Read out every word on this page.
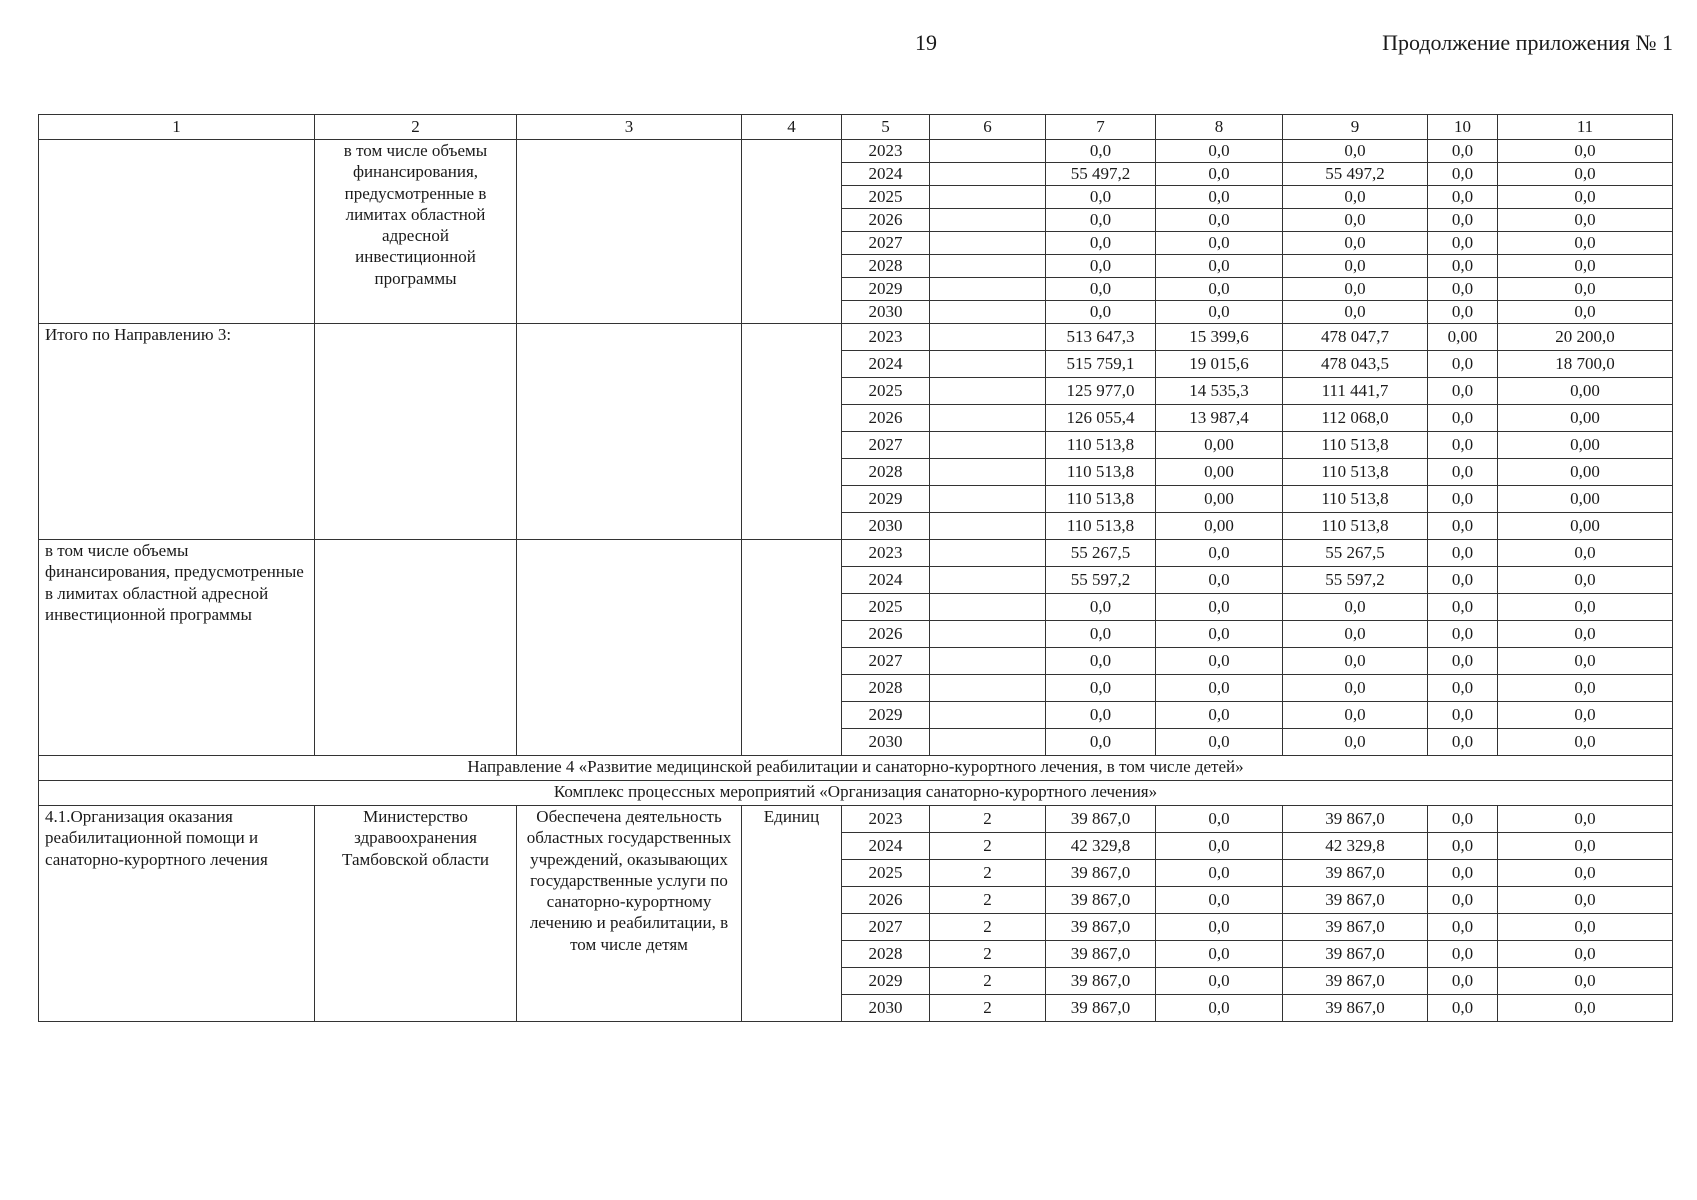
19	Продолжение приложения № 1
1	2	3	4	5	6	7	8	9	10	11
	в том числе объемы финансирования, предусмотренные в лимитах областной адресной инвестиционной программы			2023		0,0	0,0	0,0	0,0	0,0
				2024		55 497,2	0,0	55 497,2	0,0	0,0
				2025		0,0	0,0	0,0	0,0	0,0
				2026		0,0	0,0	0,0	0,0	0,0
				2027		0,0	0,0	0,0	0,0	0,0
				2028		0,0	0,0	0,0	0,0	0,0
				2029		0,0	0,0	0,0	0,0	0,0
				2030		0,0	0,0	0,0	0,0	0,0
Итого по Направлению 3:				2023		513 647,3	15 399,6	478 047,7	0,00	20 200,0
				2024		515 759,1	19 015,6	478 043,5	0,0	18 700,0
				2025		125 977,0	14 535,3	111 441,7	0,0	0,00
				2026		126 055,4	13 987,4	112 068,0	0,0	0,00
				2027		110 513,8	0,00	110 513,8	0,0	0,00
				2028		110 513,8	0,00	110 513,8	0,0	0,00
				2029		110 513,8	0,00	110 513,8	0,0	0,00
				2030		110 513,8	0,00	110 513,8	0,0	0,00
в том числе объемы финансирования, предусмотренные в лимитах областной адресной инвестиционной программы				2023		55 267,5	0,0	55 267,5	0,0	0,0
				2024		55 597,2	0,0	55 597,2	0,0	0,0
				2025		0,0	0,0	0,0	0,0	0,0
				2026		0,0	0,0	0,0	0,0	0,0
				2027		0,0	0,0	0,0	0,0	0,0
				2028		0,0	0,0	0,0	0,0	0,0
				2029		0,0	0,0	0,0	0,0	0,0
				2030		0,0	0,0	0,0	0,0	0,0
Направление 4 «Развитие медицинской реабилитации и санаторно-курортного лечения, в том числе детей»										
Комплекс процессных мероприятий «Организация санаторно-курортного лечения»										
4.1.Организация оказания реабилитационной помощи и санаторно-курортного лечения	Министерство здравоохранения Тамбовской области	Обеспечена деятельность областных государственных учреждений, оказывающих государственные услуги по санаторно-курортному лечению и реабилитации, в том числе детям	Единиц	2023	2	39 867,0	0,0	39 867,0	0,0	0,0
				2024	2	42 329,8	0,0	42 329,8	0,0	0,0
				2025	2	39 867,0	0,0	39 867,0	0,0	0,0
				2026	2	39 867,0	0,0	39 867,0	0,0	0,0
				2027	2	39 867,0	0,0	39 867,0	0,0	0,0
				2028	2	39 867,0	0,0	39 867,0	0,0	0,0
				2029	2	39 867,0	0,0	39 867,0	0,0	0,0
				2030	2	39 867,0	0,0	39 867,0	0,0	0,0
